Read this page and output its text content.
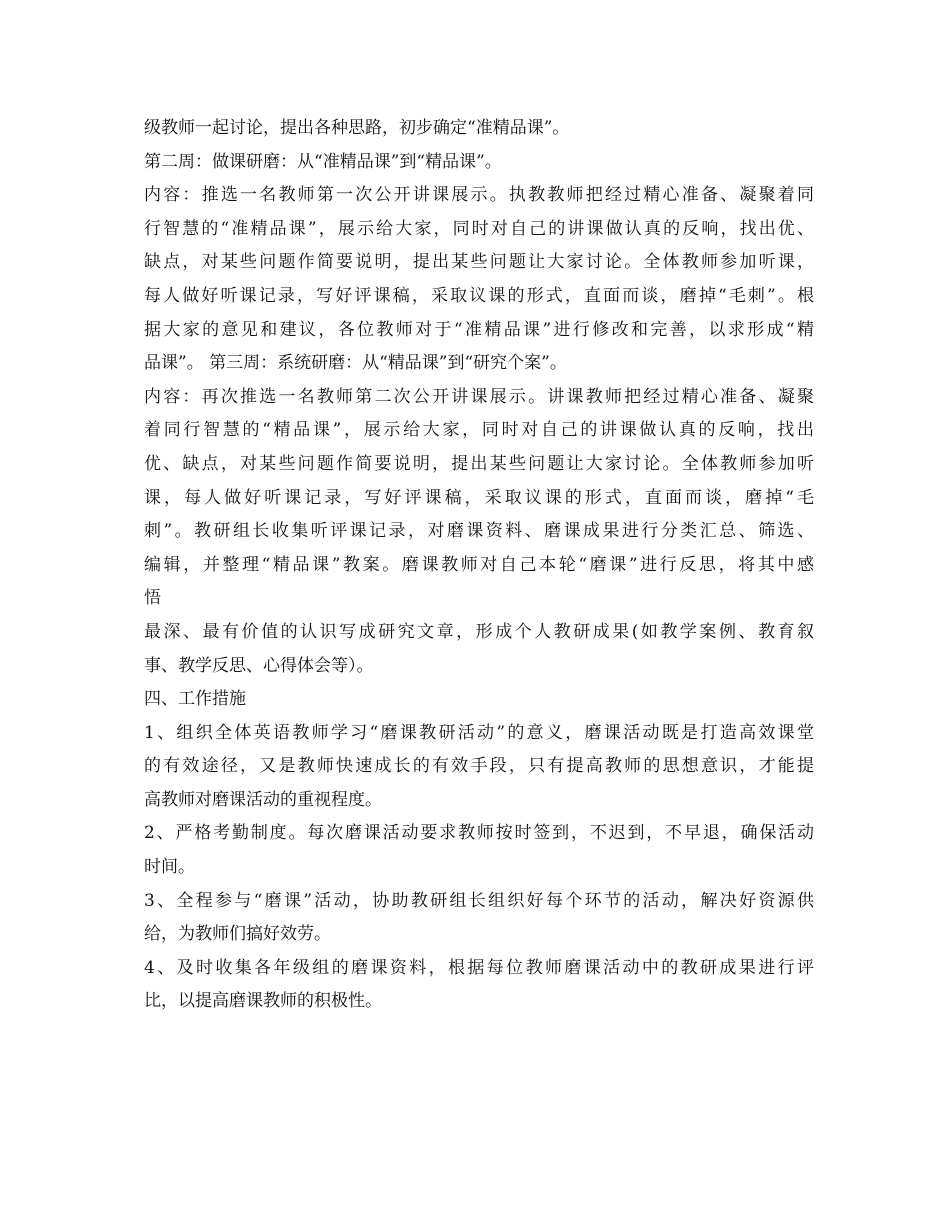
级教师一起讨论，提出各种思路，初步确定“准精品课”。
第二周：做课研磨：从“准精品课”到“精品课”。
内容：推选一名教师第一次公开讲课展示。执教教师把经过精心准备、凝聚着同
行智慧的“准精品课”，展示给大家，同时对自己的讲课做认真的反响，找出优、
缺点，对某些问题作简要说明，提出某些问题让大家讨论。全体教师参加听课，
每人做好听课记录，写好评课稿，采取议课的形式，直面而谈，磨掉“毛刺”。根
据大家的意见和建议，各位教师对于“准精品课”进行修改和完善，以求形成“精
品课”。 第三周：系统研磨：从“精品课”到“研究个案”。
内容：再次推选一名教师第二次公开讲课展示。讲课教师把经过精心准备、凝聚
着同行智慧的“精品课”，展示给大家，同时对自己的讲课做认真的反响，找出
优、缺点，对某些问题作简要说明，提出某些问题让大家讨论。全体教师参加听
课，每人做好听课记录，写好评课稿，采取议课的形式，直面而谈，磨掉“毛
刺”。教研组长收集听评课记录，对磨课资料、磨课成果进行分类汇总、筛选、
编辑，并整理“精品课”教案。磨课教师对自己本轮“磨课”进行反思，将其中感
悟
最深、最有价值的认识写成研究文章，形成个人教研成果(如教学案例、教育叙
事、教学反思、心得体会等）。
四、工作措施
1、组织全体英语教师学习“磨课教研活动”的意义，磨课活动既是打造高效课堂
的有效途径，又是教师快速成长的有效手段，只有提高教师的思想意识，才能提
高教师对磨课活动的重视程度。
2、严格考勤制度。每次磨课活动要求教师按时签到，不迟到，不早退，确保活动
时间。
3、全程参与“磨课”活动，协助教研组长组织好每个环节的活动，解决好资源供
给，为教师们搞好效劳。
4、及时收集各年级组的磨课资料，根据每位教师磨课活动中的教研成果进行评
比，以提高磨课教师的积极性。
